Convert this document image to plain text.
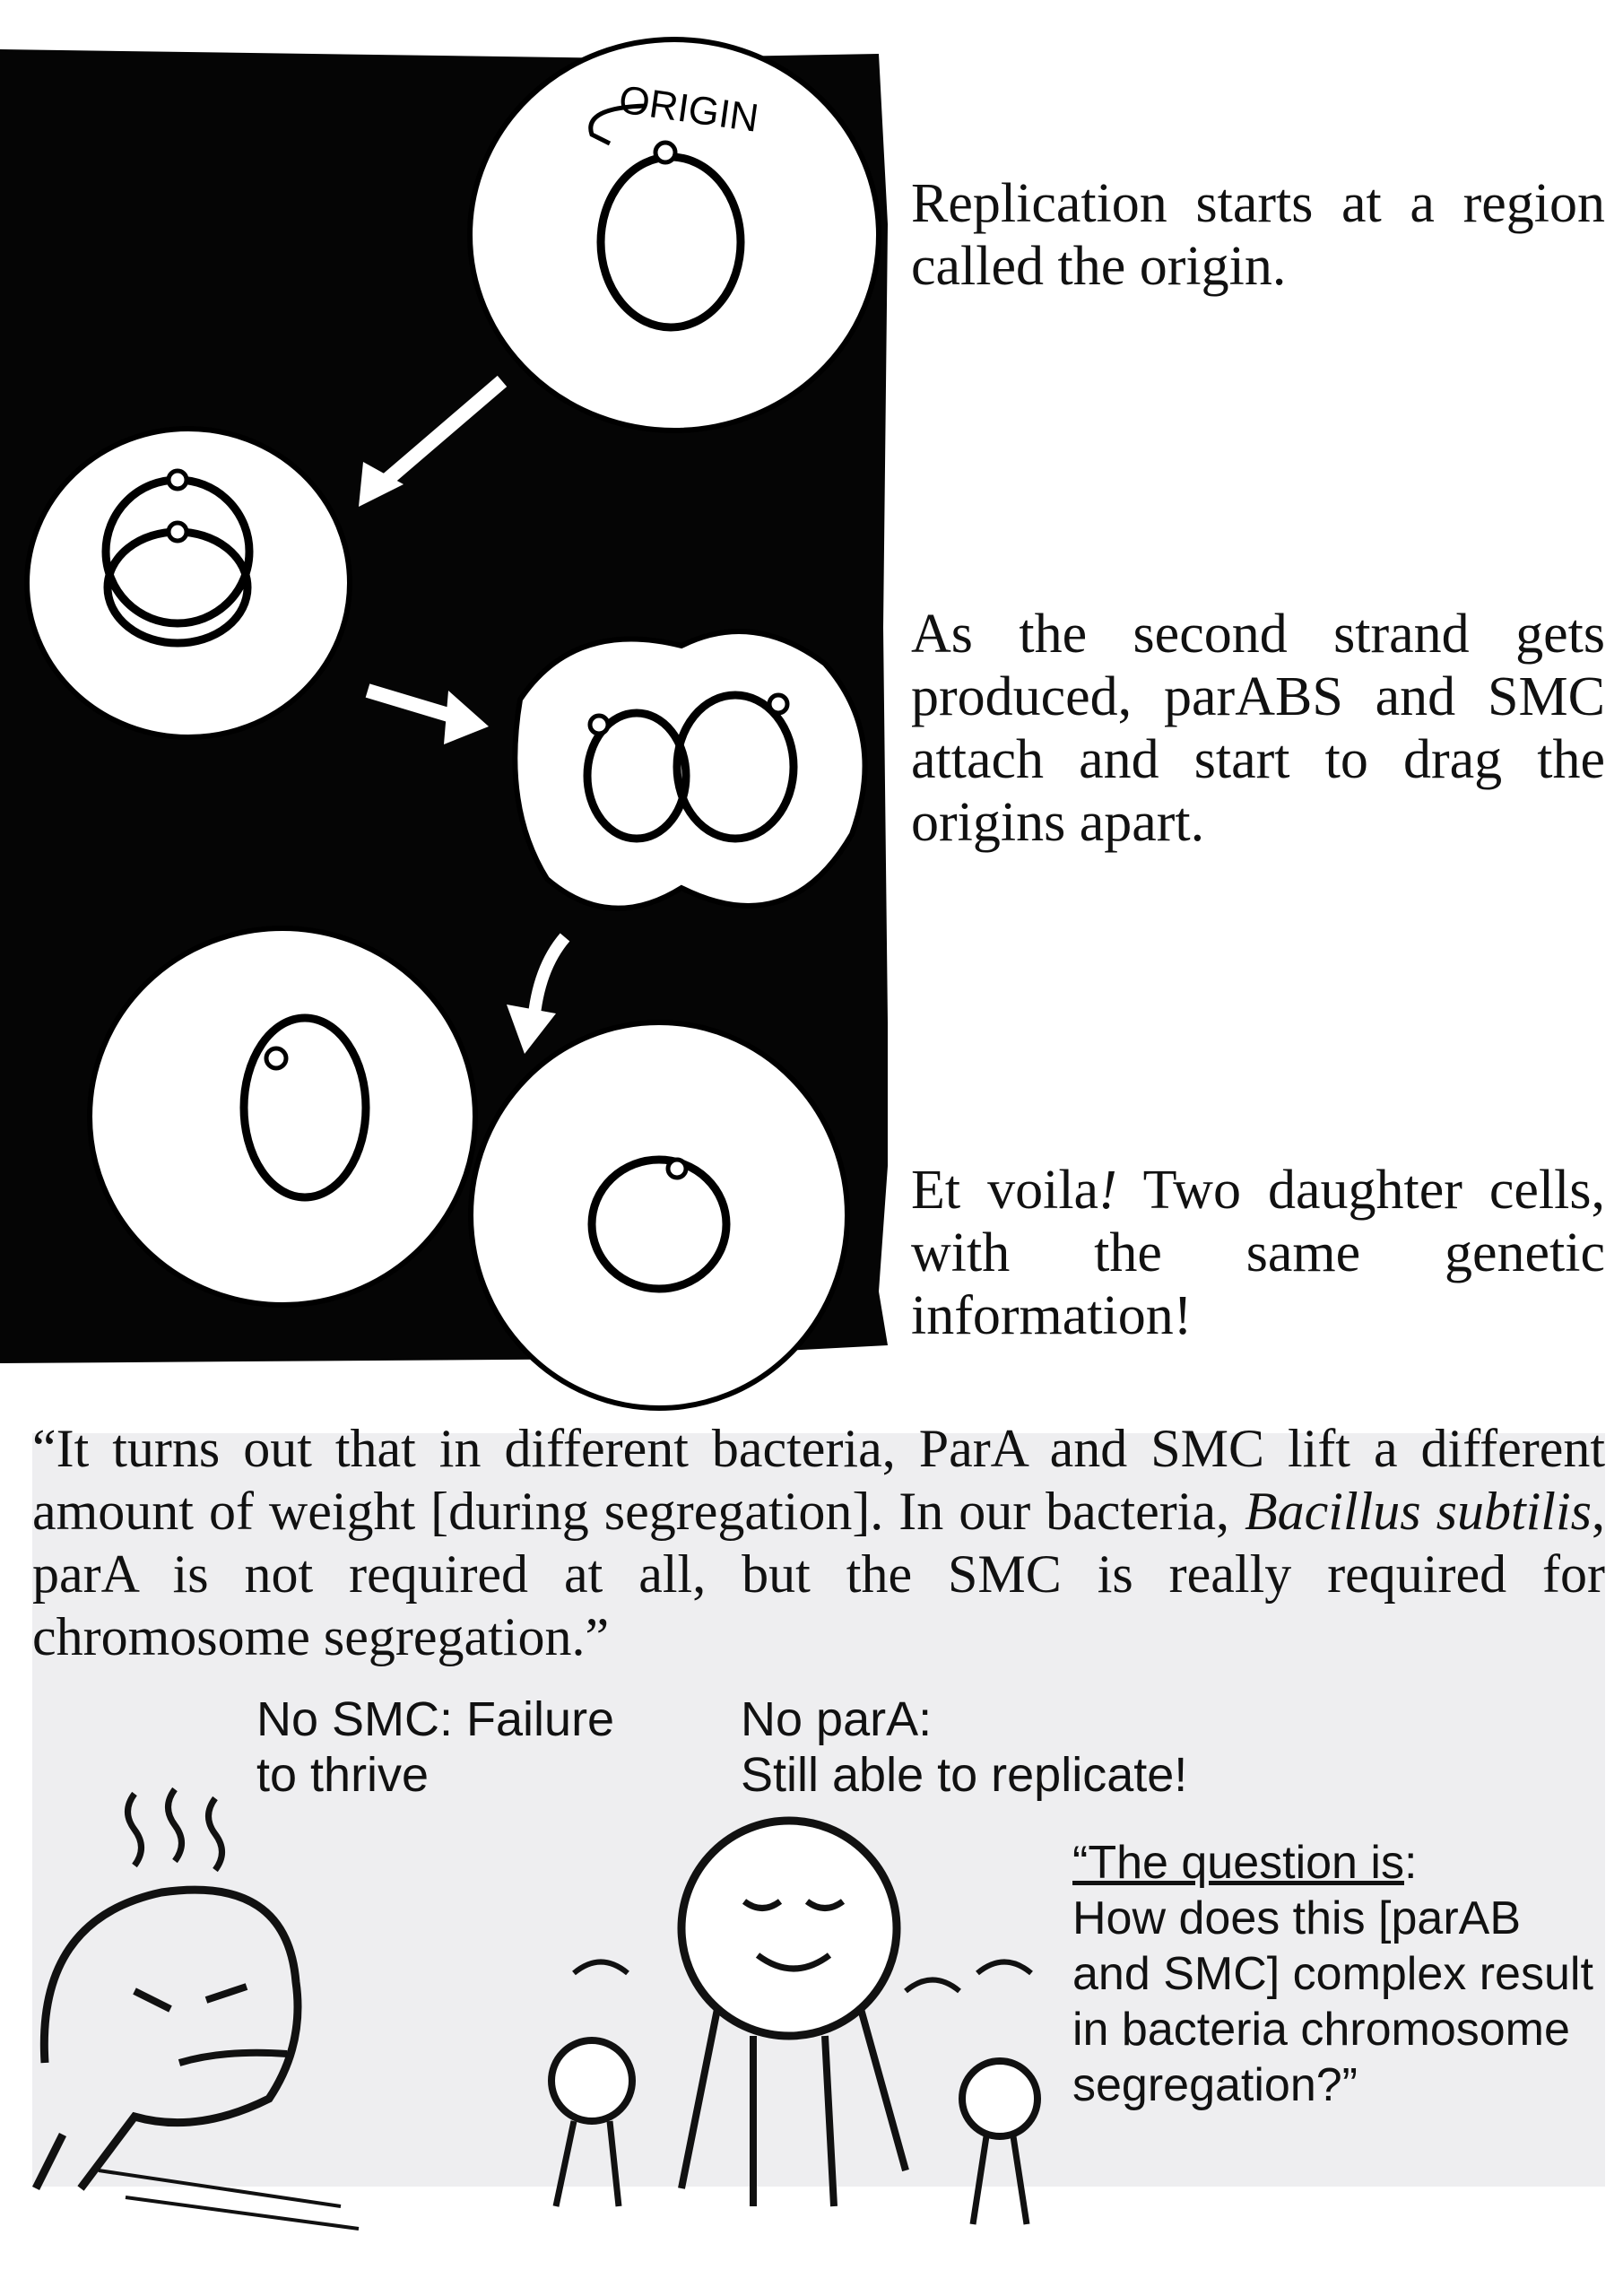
ORIGIN

Replication starts at a region called the origin.

As the second strand gets produced, parABS and SMC attach and start to drag the origins apart.

Et voila! Two daughter cells, with the same genetic information!

“It turns out that in different bacteria, ParA and SMC lift a different amount of weight [during segregation]. In our bacteria, Bacillus subtilis, parA is not required at all, but the SMC is really required for chromosome segregation.”

No SMC: Failure
to thrive

No parA:
Still able to replicate!

“The question is:
How does this [parAB and SMC] complex result in bacteria chromosome segregation?”
